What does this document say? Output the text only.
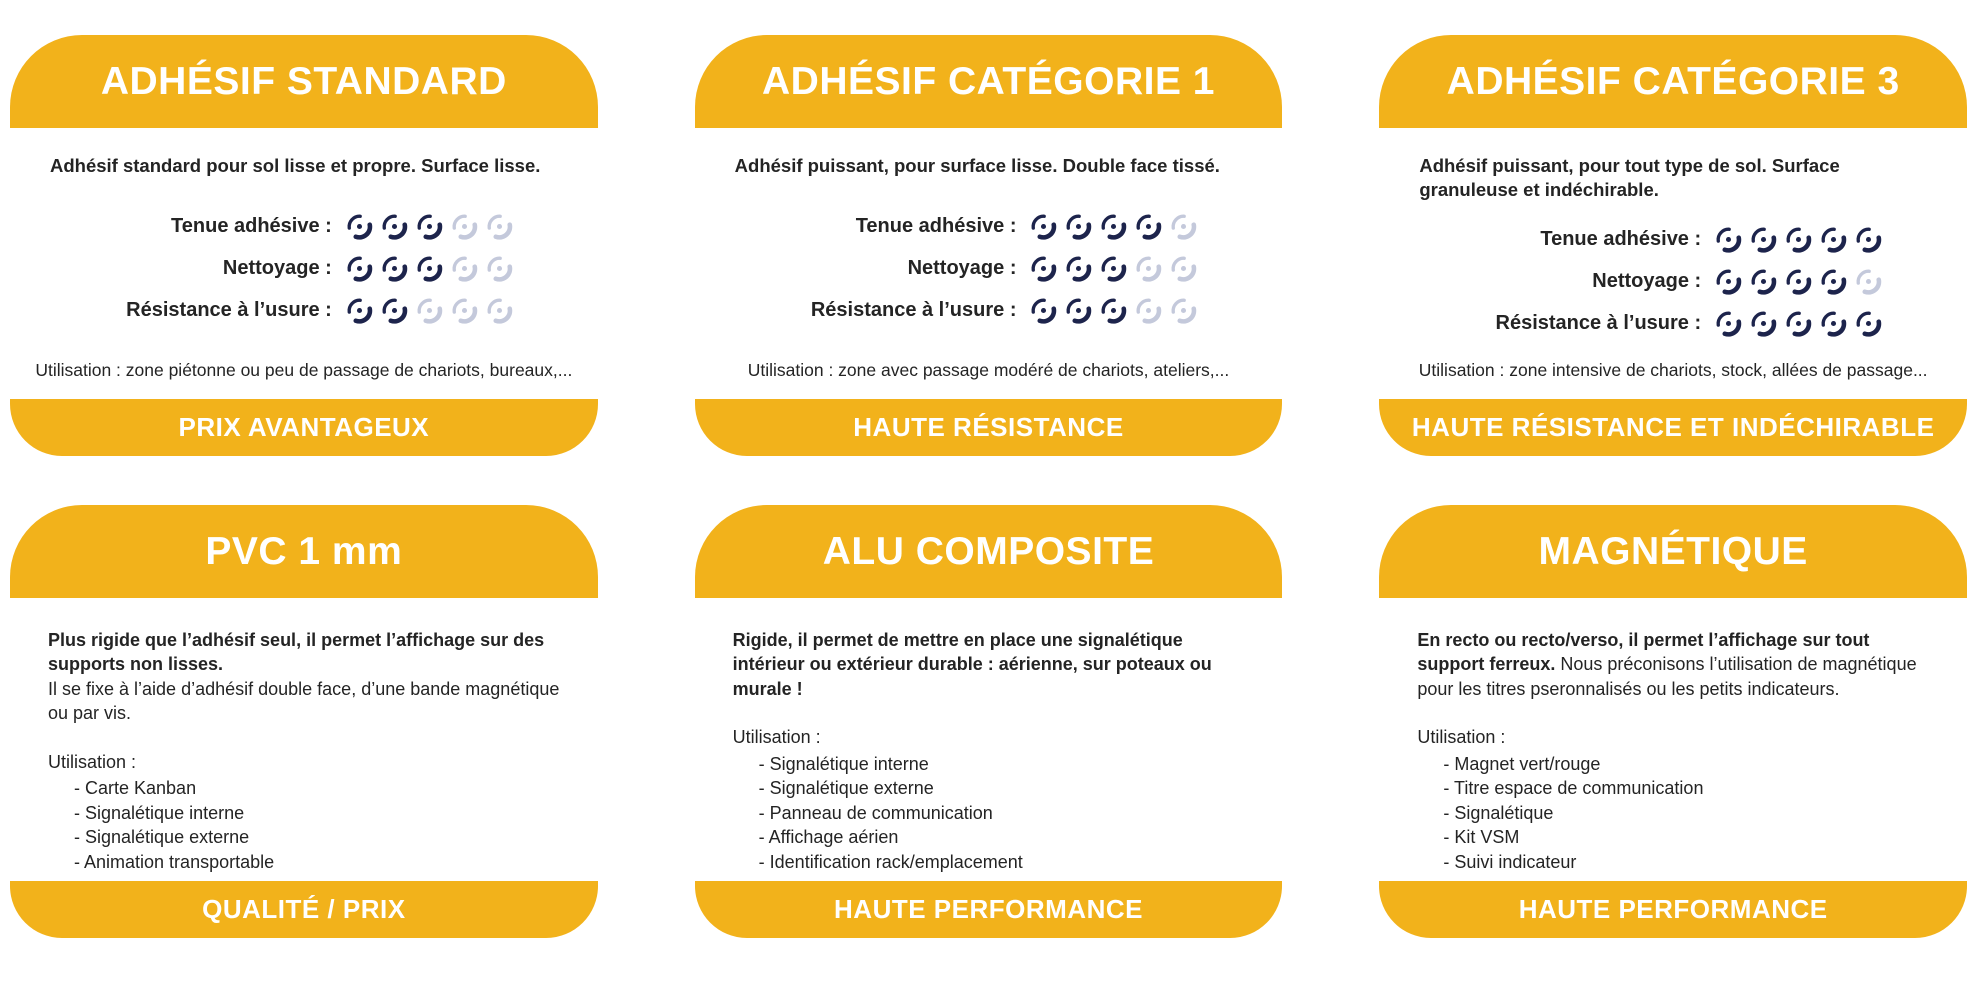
ADHÉSIF STANDARD

Adhésif standard pour sol lisse et propre. Surface lisse.

Tenue adhésive :
Nettoyage :
Résistance à l’usure :

Utilisation : zone piétonne ou peu de passage de chariots, bureaux,...

PRIX AVANTAGEUX
ADHÉSIF CATÉGORIE 1

Adhésif puissant, pour surface lisse. Double face tissé.

Tenue adhésive :
Nettoyage :
Résistance à l’usure :

Utilisation : zone avec passage modéré de chariots, ateliers,...

HAUTE RÉSISTANCE
ADHÉSIF CATÉGORIE 3

Adhésif puissant, pour tout type de sol. Surface granuleuse et indéchirable.

Tenue adhésive :
Nettoyage :
Résistance à l’usure :

Utilisation : zone intensive de chariots, stock, allées de passage...

HAUTE RÉSISTANCE ET INDÉCHIRABLE
PVC 1 mm

Plus rigide que l’adhésif seul, il permet l’affichage sur des supports non lisses.
Il se fixe à l’aide d’adhésif double face, d’une bande magnétique ou par vis.

Utilisation :

- Carte Kanban
- Signalétique interne
- Signalétique externe
- Animation transportable
QUALITÉ / PRIX
ALU COMPOSITE

Rigide, il permet de mettre en place une signalétique intérieur ou extérieur durable : aérienne, sur poteaux ou murale !

Utilisation :

- Signalétique interne
- Signalétique externe
- Panneau de communication
- Affichage aérien
- Identification rack/emplacement
HAUTE PERFORMANCE
MAGNÉTIQUE

En recto ou recto/verso, il permet l’affichage sur tout support ferreux. Nous préconisons l’utilisation de magnétique pour les titres pseronnalisés ou les petits indicateurs.

Utilisation :

- Magnet vert/rouge
- Titre espace de communication
- Signalétique
- Kit VSM
- Suivi indicateur
HAUTE PERFORMANCE
